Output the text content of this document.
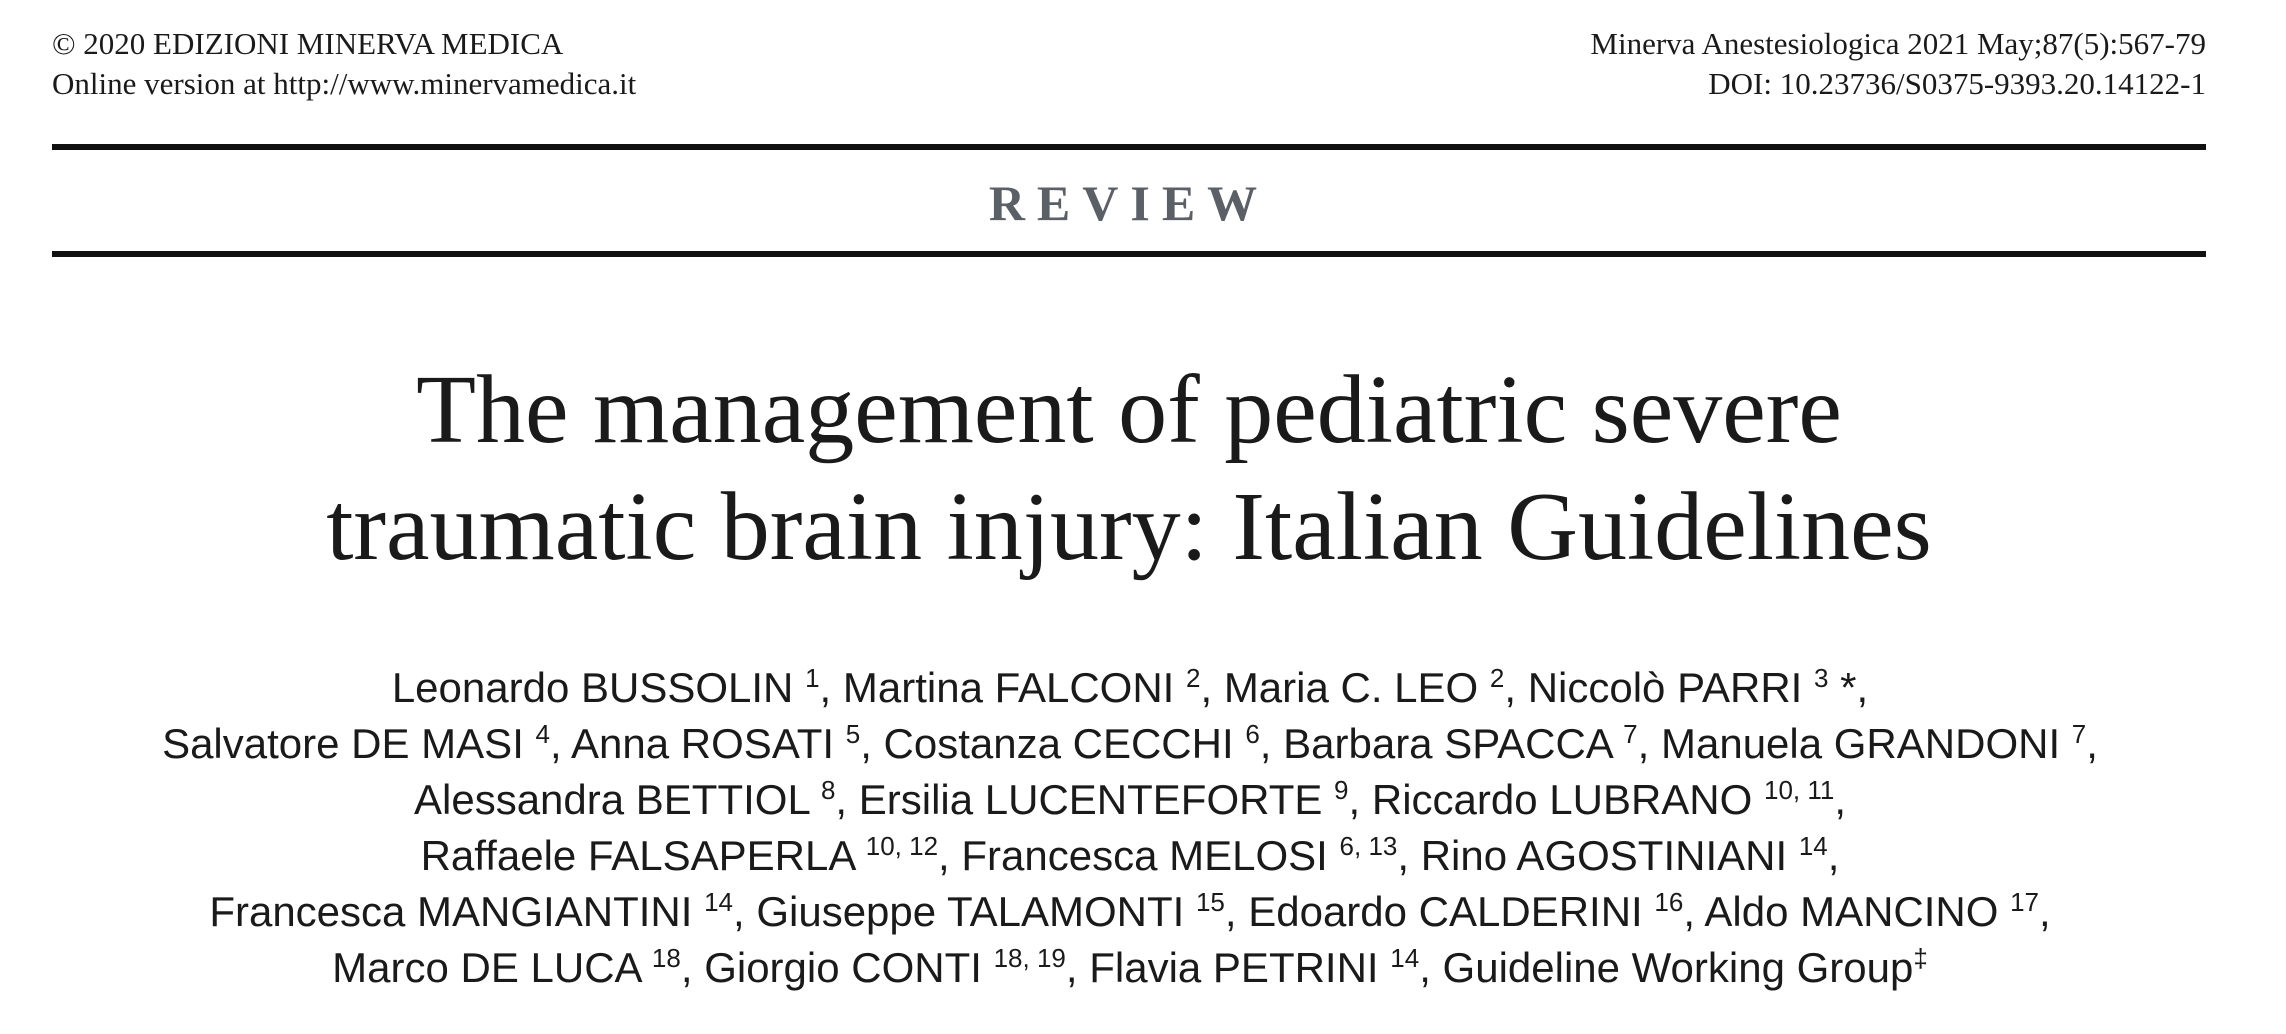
© 2020 EDIZIONI MINERVA MEDICA
Online version at http://www.minervamedica.it
Minerva Anestesiologica 2021 May;87(5):567-79
DOI: 10.23736/S0375-9393.20.14122-1
REVIEW
The management of pediatric severe
traumatic brain injury: Italian Guidelines
Leonardo BUSSOLIN $^1$, Martina FALCONI $^2$, Maria C. LEO $^2$, Niccolò PARRI $^3$ *,
Salvatore DE MASI $^4$, Anna ROSATI $^5$, Costanza CECCHI $^6$, Barbara SPACCA $^7$, Manuela GRANDONI $^7$,
Alessandra BETTIOL $^8$, Ersilia LUCENTEFORTE $^9$, Riccardo LUBRANO $^{10, 11}$,
Raffaele FALSAPERLA $^{10, 12}$, Francesca MELOSI $^{6, 13}$, Rino AGOSTINIANI $^{14}$,
Francesca MANGIANTINI $^{14}$, Giuseppe TALAMONTI $^{15}$, Edoardo CALDERINI $^{16}$, Aldo MANCINO $^{17}$,
Marco DE LUCA $^{18}$, Giorgio CONTI $^{18, 19}$, Flavia PETRINI $^{14}$, Guideline Working Group‡
